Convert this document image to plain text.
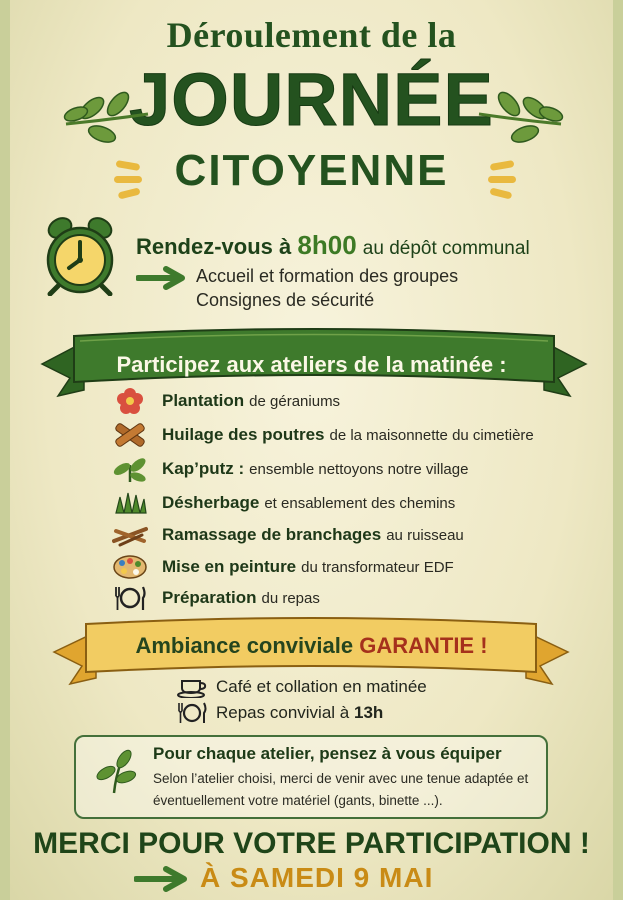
Déroulement de la
JOURNÉE
CITOYENNE
Rendez-vous à 8h00 au dépôt communal
Accueil et formation des groupes
Consignes de sécurité
Participez aux ateliers de la matinée :
Plantation de géraniums
Huilage des poutres de la maisonnette du cimetière
Kap’putz : ensemble nettoyons notre village
Désherbage et ensablement des chemins
Ramassage de branchages au ruisseau
Mise en peinture du transformateur EDF
Préparation du repas
Ambiance conviviale GARANTIE !
Café et collation en matinée
Repas convivial à 13h
Pour chaque atelier, pensez à vous équiper
Selon l’atelier choisi, merci de venir avec une tenue adaptée et éventuellement votre matériel (gants, binette ...).
MERCI POUR VOTRE PARTICIPATION !
À SAMEDI 9 MAI
